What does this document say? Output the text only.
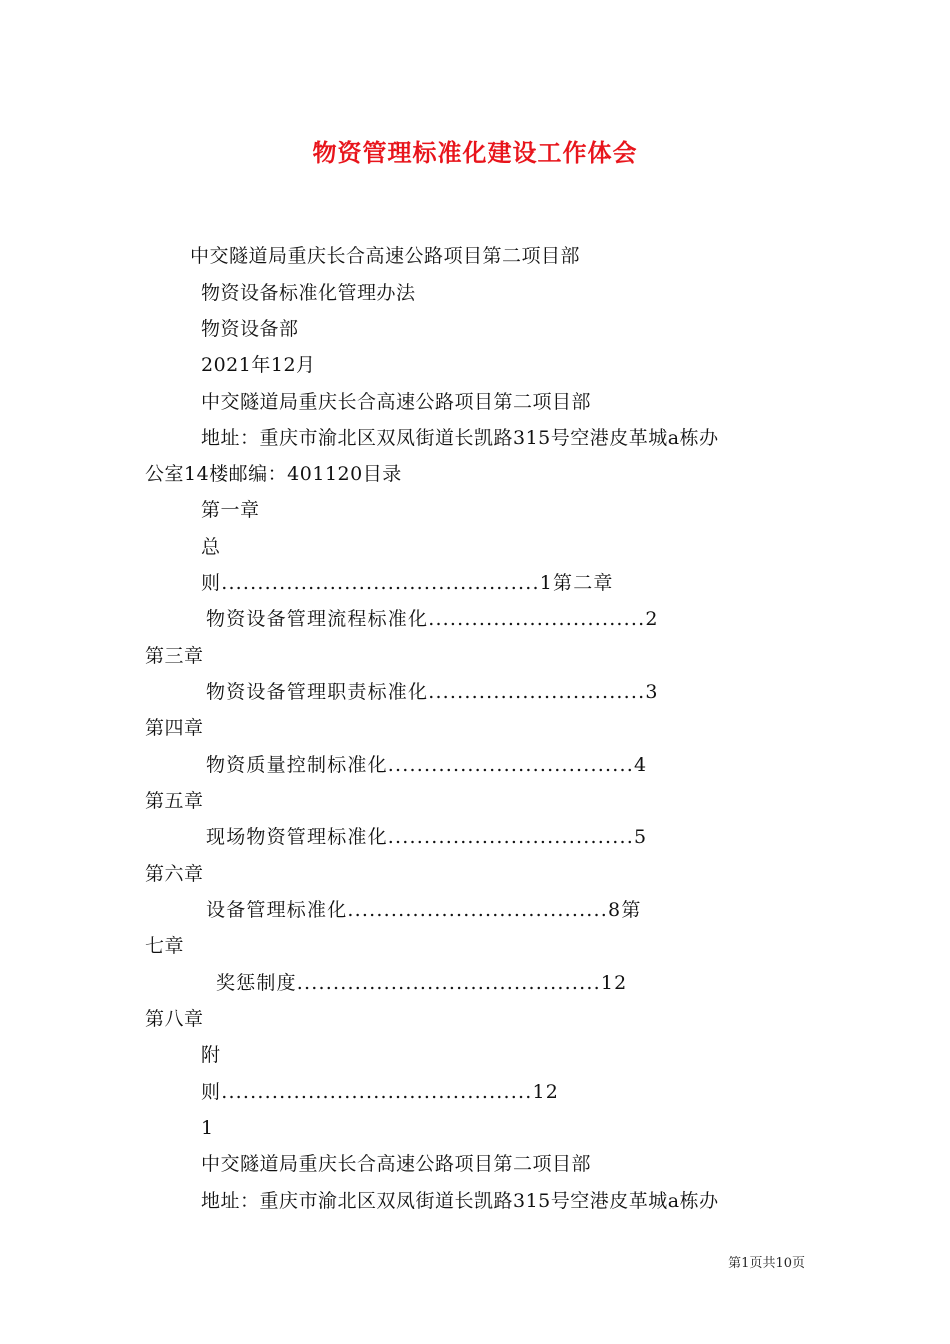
物资管理标准化建设工作体会
中交隧道局重庆长合高速公路项目第二项目部
物资设备标准化管理办法
物资设备部
2021年12月
中交隧道局重庆长合高速公路项目第二项目部
地址：重庆市渝北区双凤街道长凯路315号空港皮革城a栋办
公室14楼邮编：401120目录
第一章
总
则............................................1第二章
物资设备管理流程标准化..............................2
第三章
物资设备管理职责标准化..............................3
第四章
物资质量控制标准化..................................4
第五章
现场物资管理标准化..................................5
第六章
设备管理标准化....................................8第
七章
奖惩制度..........................................12
第八章
附
则...........................................12
1
中交隧道局重庆长合高速公路项目第二项目部
地址：重庆市渝北区双凤街道长凯路315号空港皮革城a栋办
第1页共10页
